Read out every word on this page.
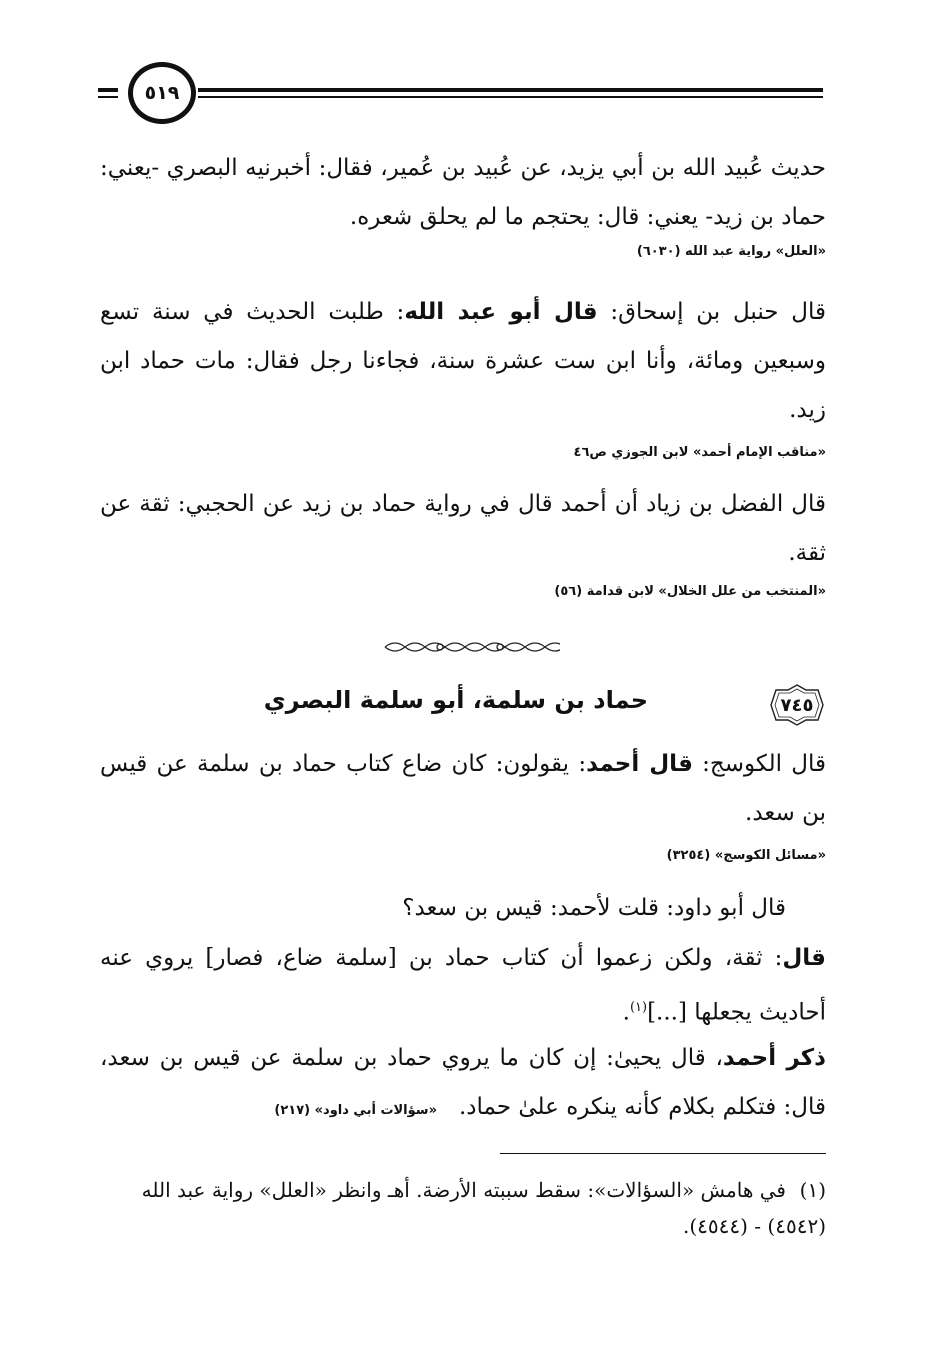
٥١٩
حديث عُبيد الله بن أبي يزيد، عن عُبيد بن عُمير، فقال: أخبرنيه البصري -يعني: حماد بن زيد- يعني: قال: يحتجم ما لم يحلق شعره.
«العلل» رواية عبد الله (٦٠٣٠)
قال حنبل بن إسحاق: قال أبو عبد الله: طلبت الحديث في سنة تسع وسبعين ومائة، وأنا ابن ست عشرة سنة، فجاءنا رجل فقال: مات حماد ابن زيد.
«مناقب الإمام أحمد» لابن الجوزي ص٤٦
قال الفضل بن زياد أن أحمد قال في رواية حماد بن زيد عن الحجبي: ثقة عن ثقة.
«المنتخب من علل الخلال» لابن قدامة (٥٦)
٧٤٥
حماد بن سلمة، أبو سلمة البصري
قال الكوسج: قال أحمد: يقولون: كان ضاع كتاب حماد بن سلمة عن قيس بن سعد.
«مسائل الكوسج» (٣٢٥٤)
قال أبو داود: قلت لأحمد: قيس بن سعد؟
قال: ثقة، ولكن زعموا أن كتاب حماد بن [سلمة ضاع، فصار] يروي عنه أحاديث يجعلها [...]$^{(١)}$.
ذكر أحمد، قال يحيىٰ: إن كان ما يروي حماد بن سلمة عن قيس بن سعد، قال: فتكلم بكلام كأنه ينكره علىٰ حماد.«سؤالات أبي داود» (٢١٧)
(١)في هامش «السؤالات»: سقط سببته الأرضة. أهـ وانظر «العلل» رواية عبد الله (٤٥٤٢) - (٤٥٤٤).
